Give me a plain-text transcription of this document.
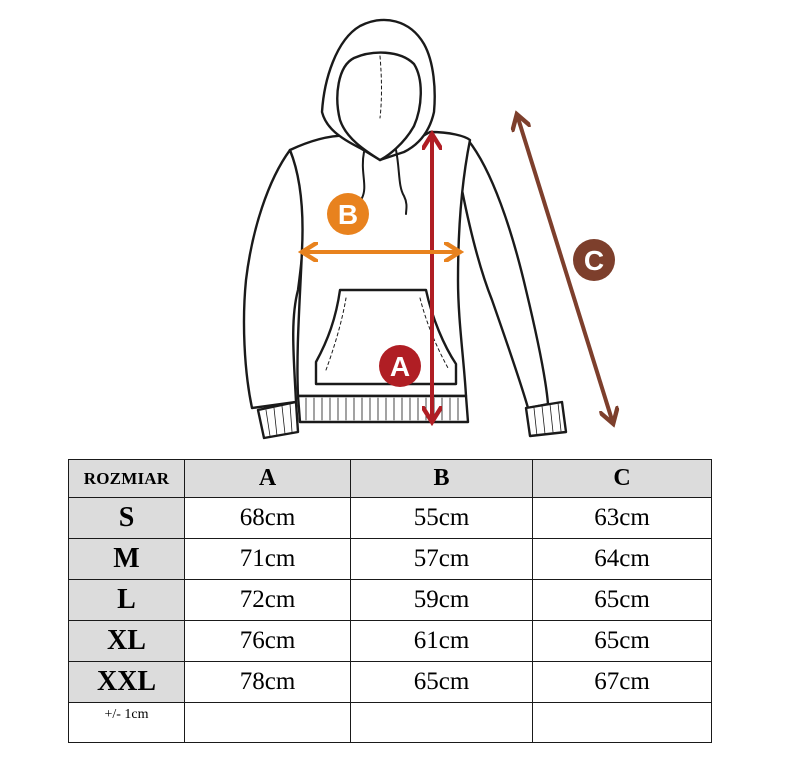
A
B
C
ROZMIAR	A	B	C
S	68cm	55cm	63cm
M	71cm	57cm	64cm
L	72cm	59cm	65cm
XL	76cm	61cm	65cm
XXL	78cm	65cm	67cm
+/- 1cm			
